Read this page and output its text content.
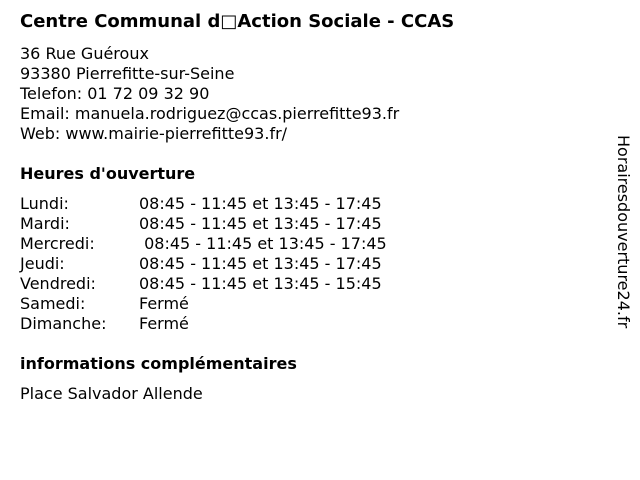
Centre Communal d□Action Sociale - CCAS
36 Rue Guéroux
93380 Pierrefitte-sur-Seine
Telefon: 01 72 09 32 90
Email: manuela.rodriguez@ccas.pierrefitte93.fr
Web: www.mairie-pierrefitte93.fr/
Heures d'ouverture
Lundi:	08:45 - 11:45 et 13:45 - 17:45
Mardi:	08:45 - 11:45 et 13:45 - 17:45
Mercredi:	08:45 - 11:45 et 13:45 - 17:45
Jeudi:	08:45 - 11:45 et 13:45 - 17:45
Vendredi:	08:45 - 11:45 et 13:45 - 15:45
Samedi:	Fermé
Dimanche:	Fermé
informations complémentaires
Place Salvador Allende
Horairesdouverture24.fr
